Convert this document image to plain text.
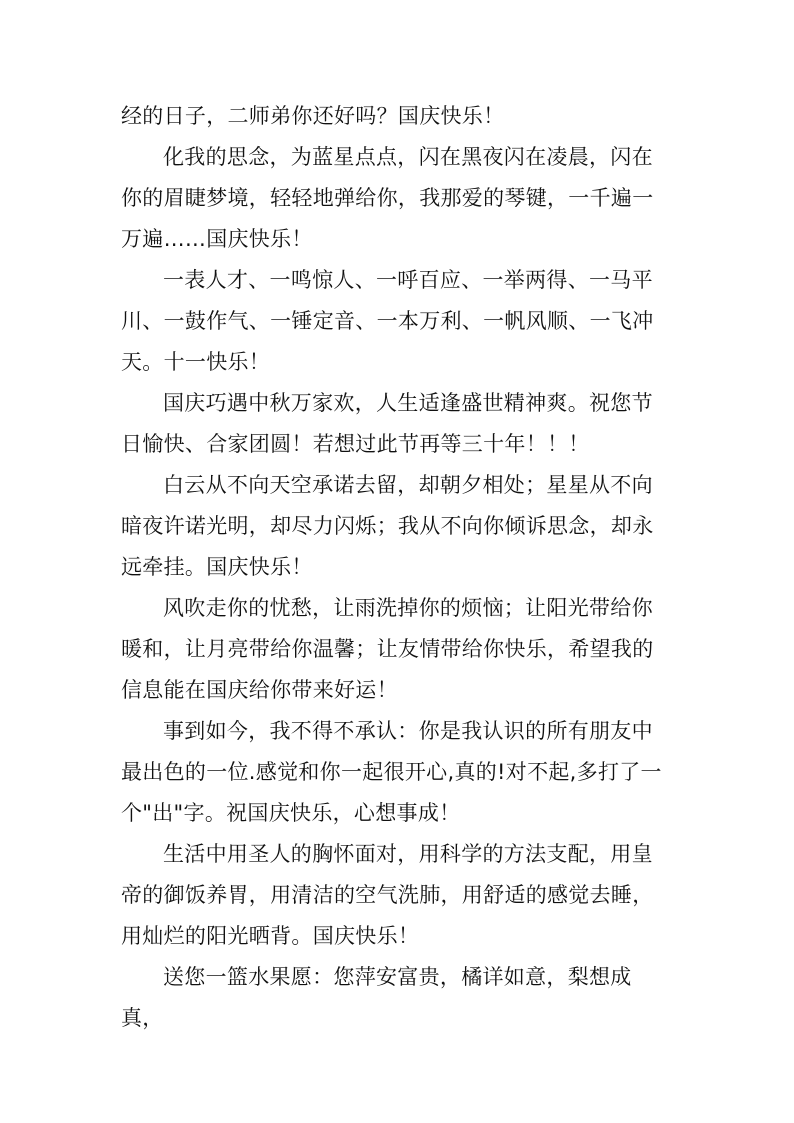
经的日子，二师弟你还好吗？国庆快乐！

化我的思念，为蓝星点点，闪在黑夜闪在凌晨，闪在你的眉睫梦境，轻轻地弹给你，我那爱的琴键，一千遍一万遍……国庆快乐！

一表人才、一鸣惊人、一呼百应、一举两得、一马平川、一鼓作气、一锤定音、一本万利、一帆风顺、一飞冲天。十一快乐！

国庆巧遇中秋万家欢，人生适逢盛世精神爽。祝您节日愉快、合家团圆！若想过此节再等三十年！！！

白云从不向天空承诺去留，却朝夕相处；星星从不向暗夜许诺光明，却尽力闪烁；我从不向你倾诉思念，却永远牵挂。国庆快乐！

风吹走你的忧愁，让雨洗掉你的烦恼；让阳光带给你暖和，让月亮带给你温馨；让友情带给你快乐，希望我的信息能在国庆给你带来好运！

事到如今，我不得不承认：你是我认识的所有朋友中最出色的一位.感觉和你一起很开心,真的!对不起,多打了一个"出"字。祝国庆快乐，心想事成！

生活中用圣人的胸怀面对，用科学的方法支配，用皇帝的御饭养胃，用清洁的空气洗肺，用舒适的感觉去睡，用灿烂的阳光晒背。国庆快乐！

送您一篮水果愿：您萍安富贵，橘详如意，梨想成真，
